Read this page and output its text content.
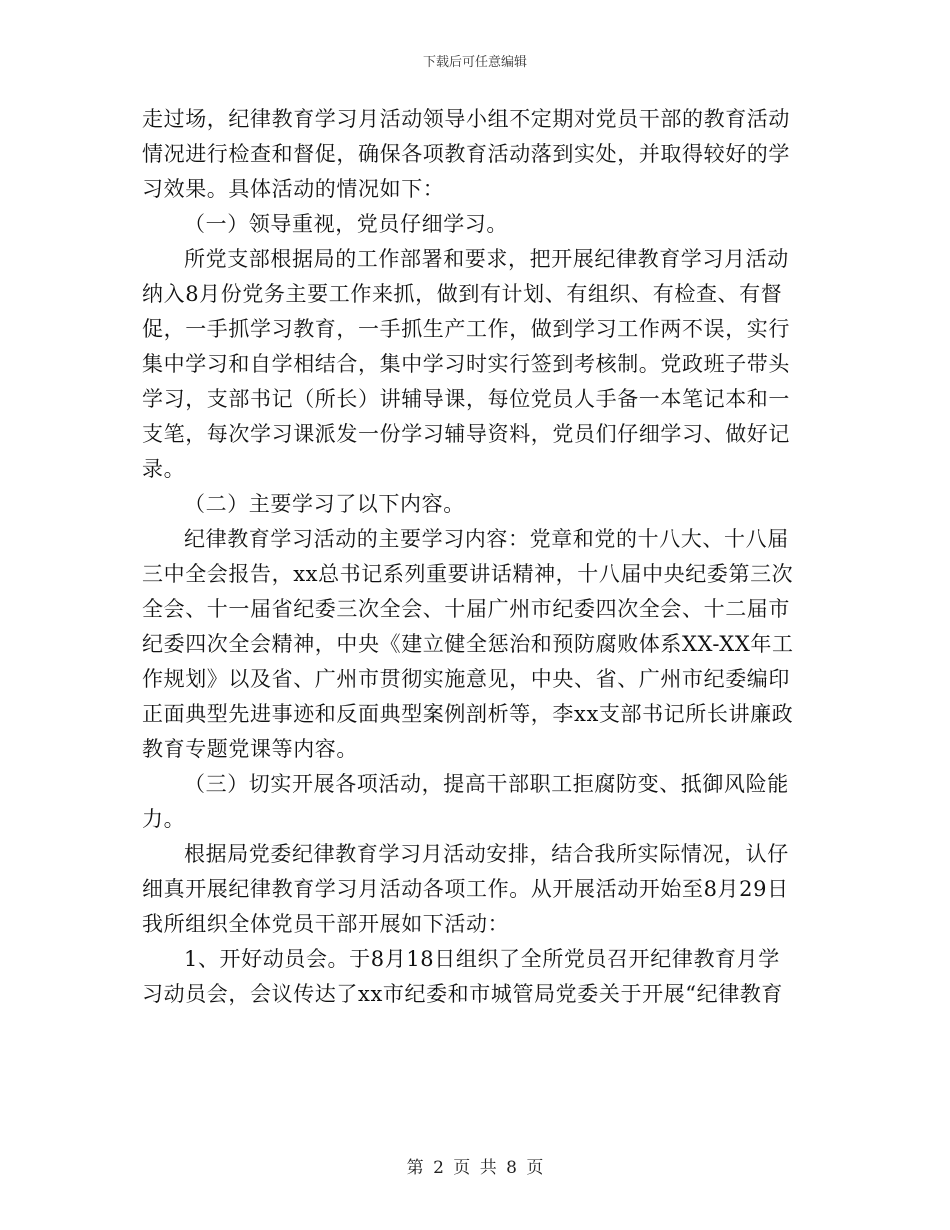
下载后可任意编辑
走过场，纪律教育学习月活动领导小组不定期对党员干部的教育活动
情况进行检查和督促，确保各项教育活动落到实处，并取得较好的学
习效果。具体活动的情况如下：
（一）领导重视，党员仔细学习。
所党支部根据局的工作部署和要求，把开展纪律教育学习月活动
纳入8月份党务主要工作来抓，做到有计划、有组织、有检查、有督
促，一手抓学习教育，一手抓生产工作，做到学习工作两不误，实行
集中学习和自学相结合，集中学习时实行签到考核制。党政班子带头
学习，支部书记（所长）讲辅导课，每位党员人手备一本笔记本和一
支笔，每次学习课派发一份学习辅导资料，党员们仔细学习、做好记
录。
（二）主要学习了以下内容。
纪律教育学习活动的主要学习内容：党章和党的十八大、十八届
三中全会报告，xx总书记系列重要讲话精神，十八届中央纪委第三次
全会、十一届省纪委三次全会、十届广州市纪委四次全会、十二届市
纪委四次全会精神，中央《建立健全惩治和预防腐败体系XX-XX年工
作规划》以及省、广州市贯彻实施意见，中央、省、广州市纪委编印
正面典型先进事迹和反面典型案例剖析等，李xx支部书记所长讲廉政
教育专题党课等内容。
（三）切实开展各项活动，提高干部职工拒腐防变、抵御风险能
力。
根据局党委纪律教育学习月活动安排，结合我所实际情况，认仔
细真开展纪律教育学习月活动各项工作。从开展活动开始至8月29日
我所组织全体党员干部开展如下活动：
1、开好动员会。于8月18日组织了全所党员召开纪律教育月学
习动员会，会议传达了xx市纪委和市城管局党委关于开展“纪律教育
第 2 页 共 8 页
